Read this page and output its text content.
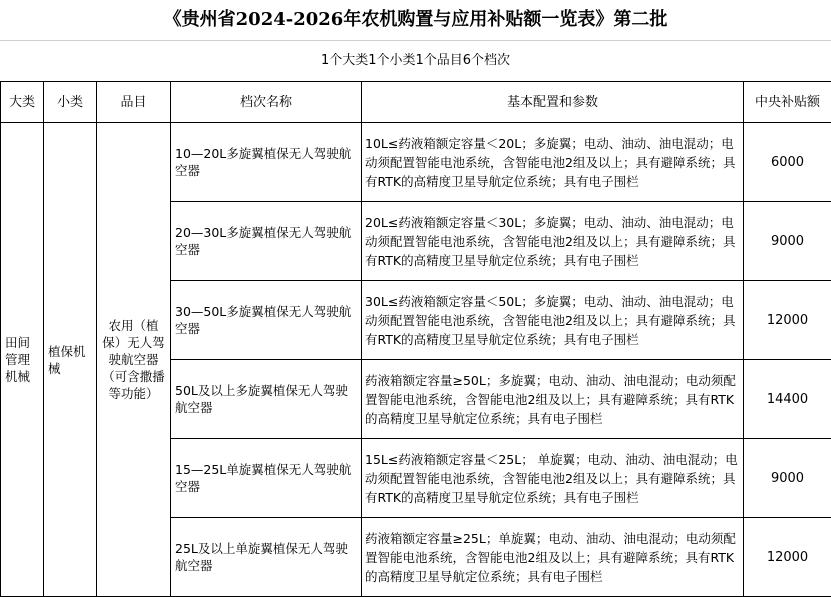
《贵州省2024-2026年农机购置与应用补贴额一览表》第二批
1个大类1个小类1个品目6个档次
大类	小类	品目	档次名称	基本配置和参数	中央补贴额
田间管理机械	植保机械	农用（植保）无人驾驶航空器（可含撒播等功能）	10—20L多旋翼植保无人驾驶航空器	10L≤药液箱额定容量＜20L；多旋翼；电动、油动、油电混动；电动须配置智能电池系统，含智能电池2组及以上；具有避障系统；具有RTK的高精度卫星导航定位系统；具有电子围栏	6000
			20—30L多旋翼植保无人驾驶航空器	20L≤药液箱额定容量＜30L；多旋翼；电动、油动、油电混动；电动须配置智能电池系统，含智能电池2组及以上；具有避障系统；具有RTK的高精度卫星导航定位系统；具有电子围栏	9000
			30—50L多旋翼植保无人驾驶航空器	30L≤药液箱额定容量＜50L；多旋翼；电动、油动、油电混动；电动须配置智能电池系统，含智能电池2组及以上；具有避障系统；具有RTK的高精度卫星导航定位系统；具有电子围栏	12000
			50L及以上多旋翼植保无人驾驶航空器	药液箱额定容量≥50L；多旋翼；电动、油动、油电混动；电动须配置智能电池系统，含智能电池2组及以上；具有避障系统；具有RTK的高精度卫星导航定位系统；具有电子围栏	14400
			15—25L单旋翼植保无人驾驶航空器	15L≤药液箱额定容量＜25L； 单旋翼；电动、油动、油电混动；电动须配置智能电池系统，含智能电池2组及以上；具有避障系统；具有RTK的高精度卫星导航定位系统；具有电子围栏	9000
			25L及以上单旋翼植保无人驾驶航空器	药液箱额定容量≥25L；单旋翼；电动、油动、油电混动；电动须配置智能电池系统，含智能电池2组及以上；具有避障系统；具有RTK的高精度卫星导航定位系统；具有电子围栏	12000
